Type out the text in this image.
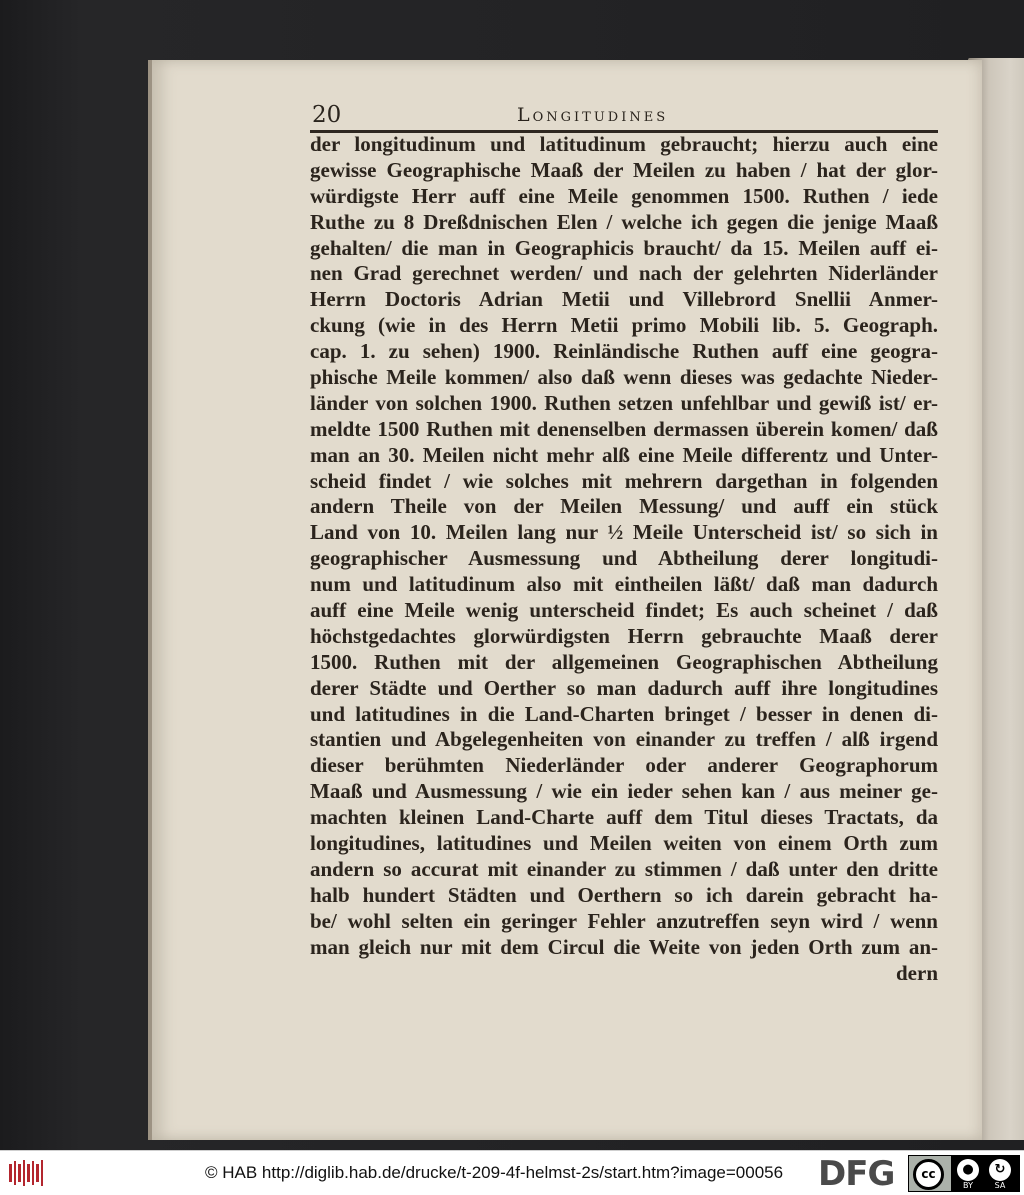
20	Longitudines
der longitudinum und latitudinum gebraucht; hierzu auch eine
gewisse Geographische Maaß der Meilen zu haben / hat der glor-
würdigste Herr auff eine Meile genommen 1500. Ruthen / iede
Ruthe zu 8 Dreßdnischen Elen / welche ich gegen die jenige Maaß
gehalten/ die man in Geographicis braucht/ da 15. Meilen auff ei-
nen Grad gerechnet werden/ und nach der gelehrten Niderländer
Herrn Doctoris Adrian Metii und Villebrord Snellii Anmer-
ckung (wie in des Herrn Metii primo Mobili lib. 5. Geograph.
cap. 1. zu sehen) 1900. Reinländische Ruthen auff eine geogra-
phische Meile kommen/ also daß wenn dieses was gedachte Nieder-
länder von solchen 1900. Ruthen setzen unfehlbar und gewiß ist/ er-
meldte 1500 Ruthen mit denenselben dermassen überein komen/ daß
man an 30. Meilen nicht mehr alß eine Meile differentz und Unter-
scheid findet / wie solches mit mehrern dargethan in folgenden
andern Theile von der Meilen Messung/ und auff ein stück
Land von 10. Meilen lang nur ½ Meile Unterscheid ist/ so sich in
geographischer Ausmessung und Abtheilung derer longitudi-
num und latitudinum also mit eintheilen läßt/ daß man dadurch
auff eine Meile wenig unterscheid findet; Es auch scheinet / daß
höchstgedachtes glorwürdigsten Herrn gebrauchte Maaß derer
1500. Ruthen mit der allgemeinen Geographischen Abtheilung
derer Städte und Oerther so man dadurch auff ihre longitudines
und latitudines in die Land-Charten bringet / besser in denen di-
stantien und Abgelegenheiten von einander zu treffen / alß irgend
dieser berühmten Niederländer oder anderer Geographorum
Maaß und Ausmessung / wie ein ieder sehen kan / aus meiner ge-
machten kleinen Land-Charte auff dem Titul dieses Tractats, da
longitudines, latitudines und Meilen weiten von einem Orth zum
andern so accurat mit einander zu stimmen / daß unter den dritte
halb hundert Städten und Oerthern so ich darein gebracht ha-
be/ wohl selten ein geringer Fehler anzutreffen seyn wird / wenn
man gleich nur mit dem Circul die Weite von jeden Orth zum an-
dern
© HAB http://diglib.hab.de/drucke/t-209-4f-helmst-2s/start.htm?image=00056 DFG	cc	●
BY
↻
SA
